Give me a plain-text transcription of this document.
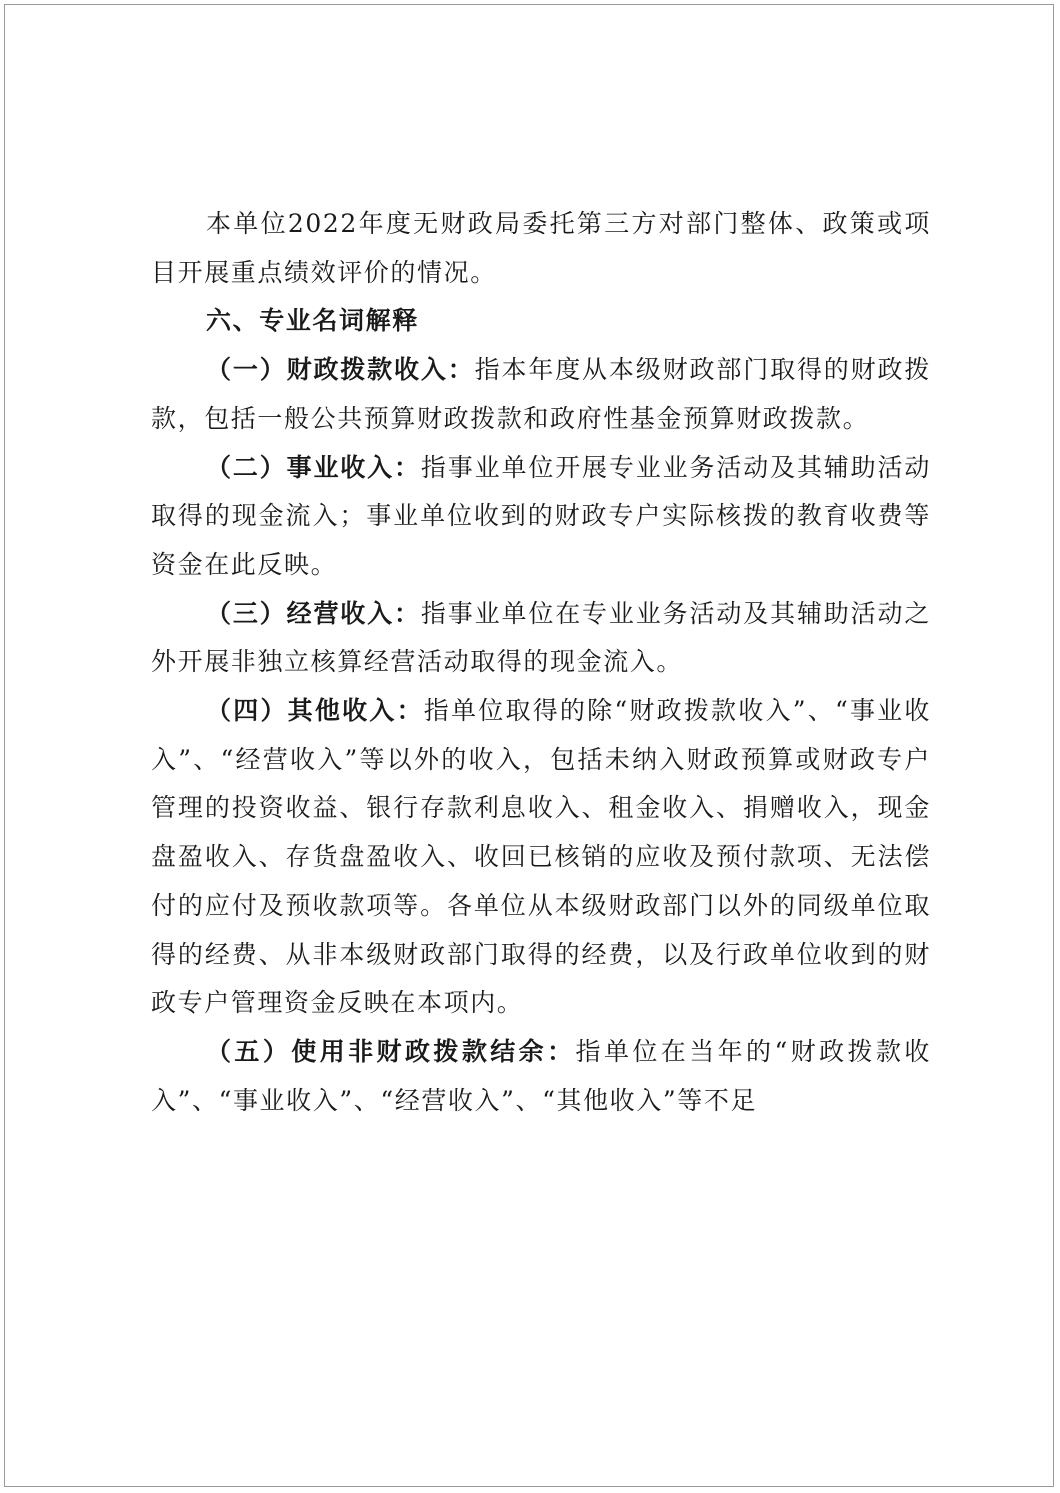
本单位2022年度无财政局委托第三方对部门整体、政策或项目开展重点绩效评价的情况。

六、专业名词解释

（一）财政拨款收入：指本年度从本级财政部门取得的财政拨款，包括一般公共预算财政拨款和政府性基金预算财政拨款。

（二）事业收入：指事业单位开展专业业务活动及其辅助活动取得的现金流入；事业单位收到的财政专户实际核拨的教育收费等资金在此反映。

（三）经营收入：指事业单位在专业业务活动及其辅助活动之外开展非独立核算经营活动取得的现金流入。

（四）其他收入：指单位取得的除“财政拨款收入”、“事业收入”、“经营收入”等以外的收入，包括未纳入财政预算或财政专户管理的投资收益、银行存款利息收入、租金收入、捐赠收入，现金盘盈收入、存货盘盈收入、收回已核销的应收及预付款项、无法偿付的应付及预收款项等。各单位从本级财政部门以外的同级单位取得的经费、从非本级财政部门取得的经费，以及行政单位收到的财政专户管理资金反映在本项内。

（五）使用非财政拨款结余：指单位在当年的“财政拨款收入”、“事业收入”、“经营收入”、“其他收入”等不足
